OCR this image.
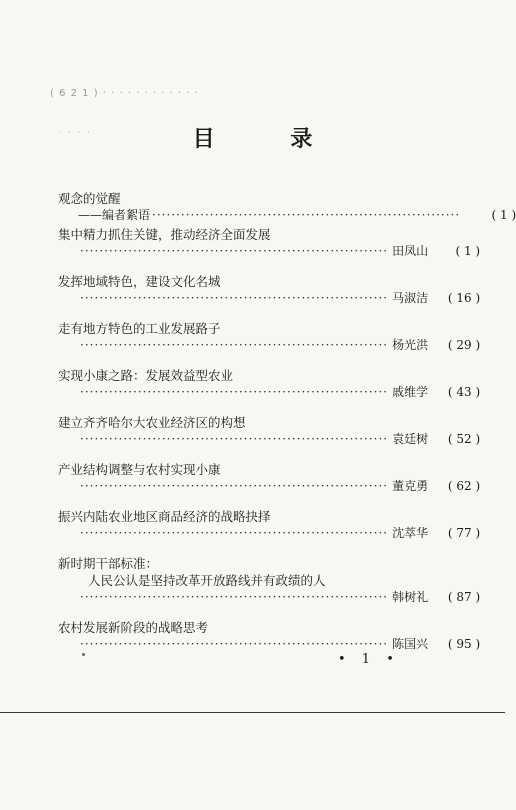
( 6 2 1 ) · · · · · · · · · · · ·
· · · ·	目 录
观念的觉醒
——编者絮语 ································································	( 1 )
集中精力抓住关键，推动经济全面发展
································································ 田凤山	( 1 )
发挥地域特色，建设文化名城
································································ 马淑洁	( 16 )
走有地方特色的工业发展路子
································································ 杨光洪	( 29 )
实现小康之路：发展效益型农业
································································ 戚维学	( 43 )
建立齐齐哈尔大农业经济区的构想
································································ 袁廷树	( 52 )
产业结构调整与农村实现小康
································································ 董克勇	( 62 )
振兴内陆农业地区商品经济的战略抉择
································································ 沈萃华	( 77 )
新时期干部标准：
人民公认是坚持改革开放路线并有政绩的人
································································ 韩树礼	( 87 )
农村发展新阶段的战略思考
································································ 陈国兴	( 95 )
• 1 •
